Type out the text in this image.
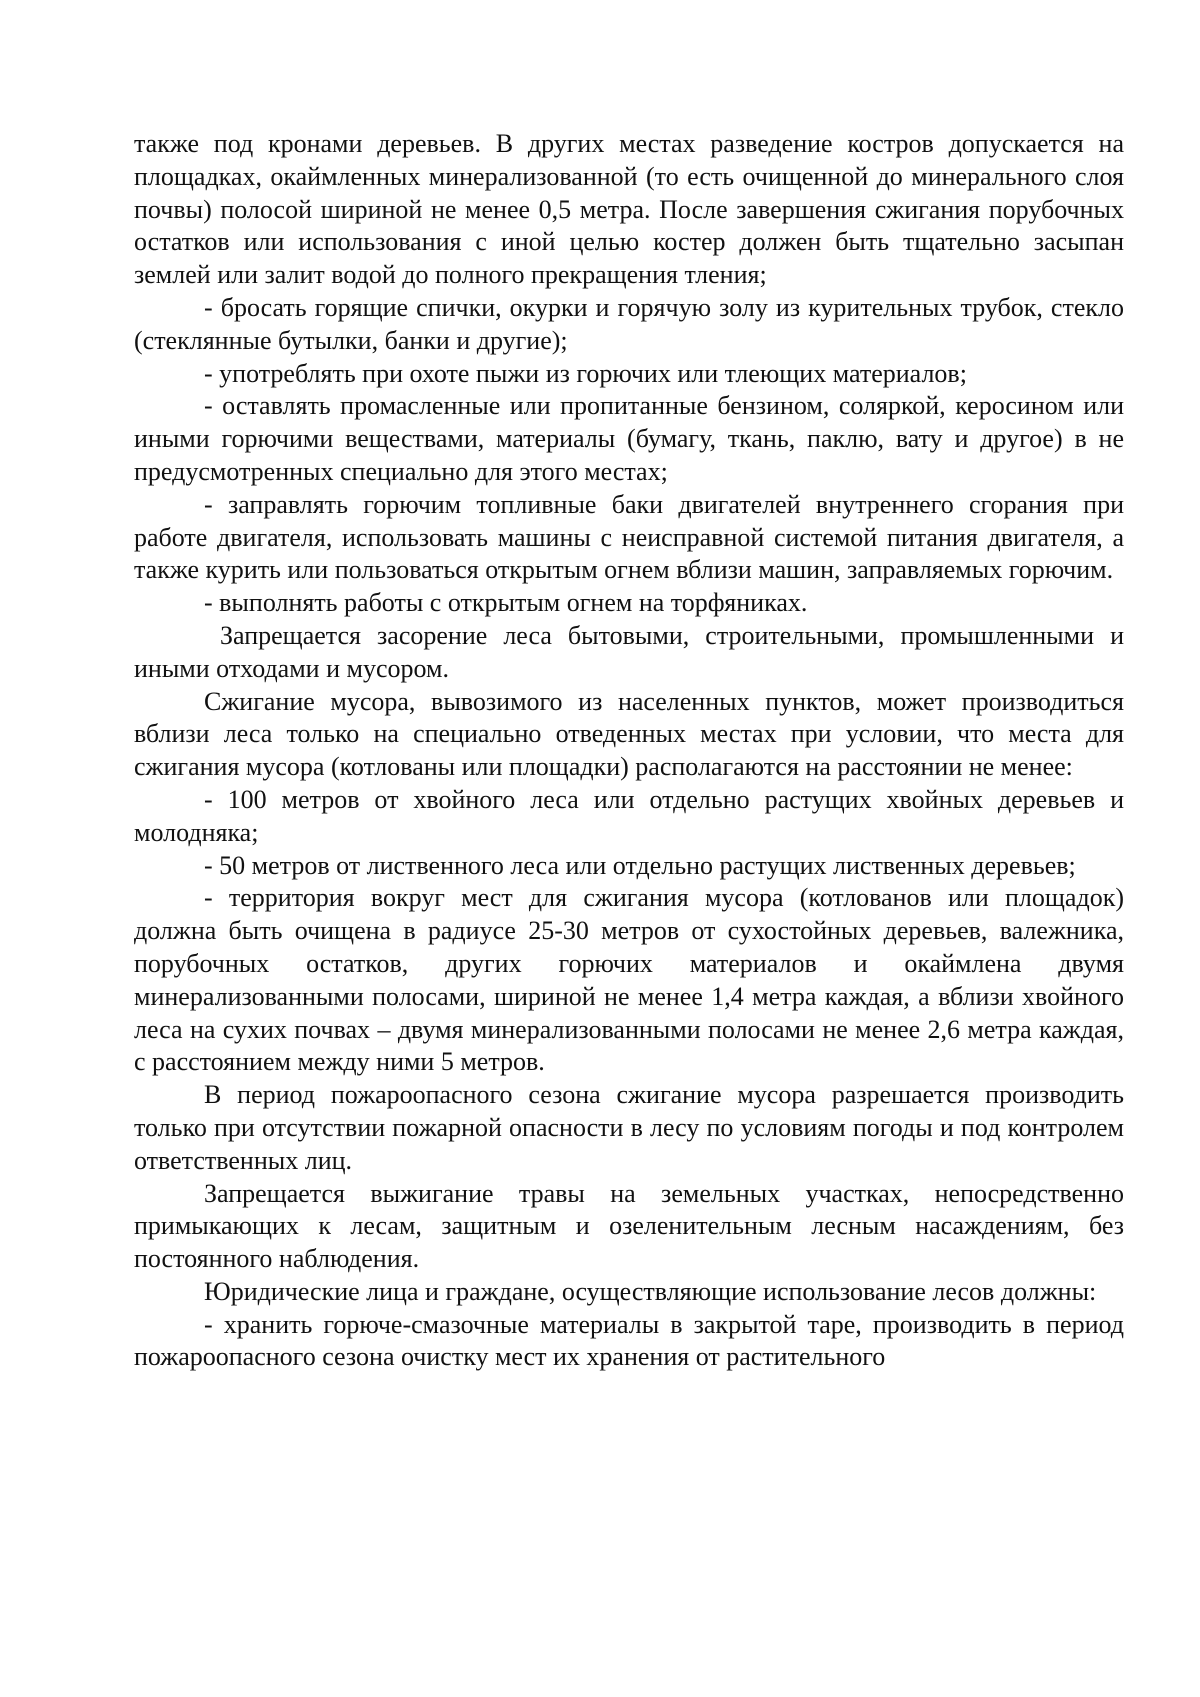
также под кронами деревьев. В других местах разведение костров допускается на площадках, окаймленных минерализованной (то есть очищенной до минерального слоя почвы) полосой шириной не менее 0,5 метра. После завершения сжигания порубочных остатков или использования с иной целью костер должен быть тщательно засыпан землей или залит водой до полного прекращения тления;

- бросать горящие спички, окурки и горячую золу из курительных трубок, стекло (стеклянные бутылки, банки и другие);

- употреблять при охоте пыжи из горючих или тлеющих материалов;

- оставлять промасленные или пропитанные бензином, соляркой, керосином или иными горючими веществами, материалы (бумагу, ткань, паклю, вату и другое) в не предусмотренных специально для этого местах;

- заправлять горючим топливные баки двигателей внутреннего сгорания при работе двигателя, использовать машины с неисправной системой питания двигателя, а также курить или пользоваться открытым огнем вблизи машин, заправляемых горючим.

- выполнять работы с открытым огнем на торфяниках.

Запрещается засорение леса бытовыми, строительными, промышленными и иными отходами и мусором.

Сжигание мусора, вывозимого из населенных пунктов, может производиться вблизи леса только на специально отведенных местах при условии, что места для сжигания мусора (котлованы или площадки) располагаются на расстоянии не менее:

- 100 метров от хвойного леса или отдельно растущих хвойных деревьев и молодняка;

- 50 метров от лиственного леса или отдельно растущих лиственных деревьев;

- территория вокруг мест для сжигания мусора (котлованов или площадок) должна быть очищена в радиусе 25-30 метров от сухостойных деревьев, валежника, порубочных остатков, других горючих материалов и окаймлена двумя минерализованными полосами, шириной не менее 1,4 метра каждая, а вблизи хвойного леса на сухих почвах – двумя минерализованными полосами не менее 2,6 метра каждая, с расстоянием между ними 5 метров.

В период пожароопасного сезона сжигание мусора разрешается производить только при отсутствии пожарной опасности в лесу по условиям погоды и под контролем ответственных лиц.

Запрещается выжигание травы на земельных участках, непосредственно примыкающих к лесам, защитным и озеленительным лесным насаждениям, без постоянного наблюдения.

Юридические лица и граждане, осуществляющие использование лесов должны:

- хранить горюче-смазочные материалы в закрытой таре, производить в период пожароопасного сезона очистку мест их хранения от растительного
